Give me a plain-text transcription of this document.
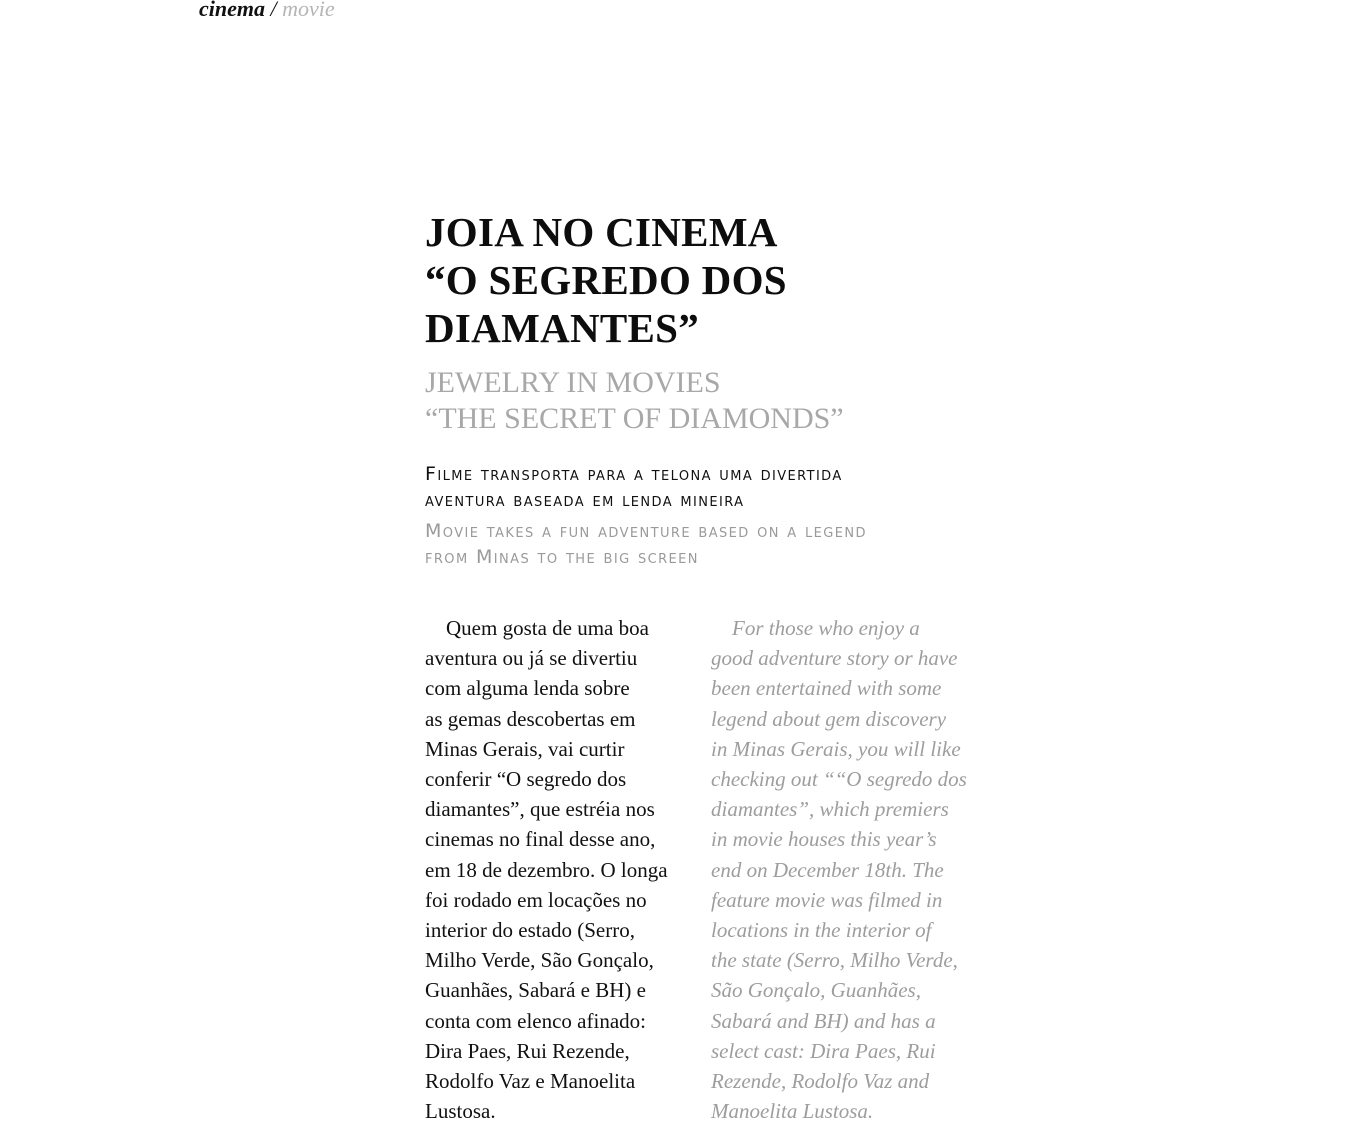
cinema / movie
JOIA NO CINEMA
“O SEGREDO DOS
DIAMANTES”
JEWELRY IN MOVIES
“THE SECRET OF DIAMONDS”

Filme transporta para a telona uma divertida
aventura baseada em lenda mineira

Movie takes a fun adventure based on a legend
from Minas to the big screen

Quem gosta de uma boa
aventura ou já se divertiu
com alguma lenda sobre
as gemas descobertas em
Minas Gerais, vai curtir
conferir “O segredo dos
diamantes”, que estréia nos
cinemas no final desse ano,
em 18 de dezembro. O longa
foi rodado em locações no
interior do estado (Serro,
Milho Verde, São Gonçalo,
Guanhães, Sabará e BH) e
conta com elenco afinado:
Dira Paes, Rui Rezende,
Rodolfo Vaz e Manoelita
Lustosa.
For those who enjoy a
good adventure story or have
been entertained with some
legend about gem discovery
in Minas Gerais, you will like
checking out ““O segredo dos
diamantes”, which premiers
in movie houses this year’s
end on December 18th. The
feature movie was filmed in
locations in the interior of
the state (Serro, Milho Verde,
São Gonçalo, Guanhães,
Sabará and BH) and has a
select cast: Dira Paes, Rui
Rezende, Rodolfo Vaz and
Manoelita Lustosa.
